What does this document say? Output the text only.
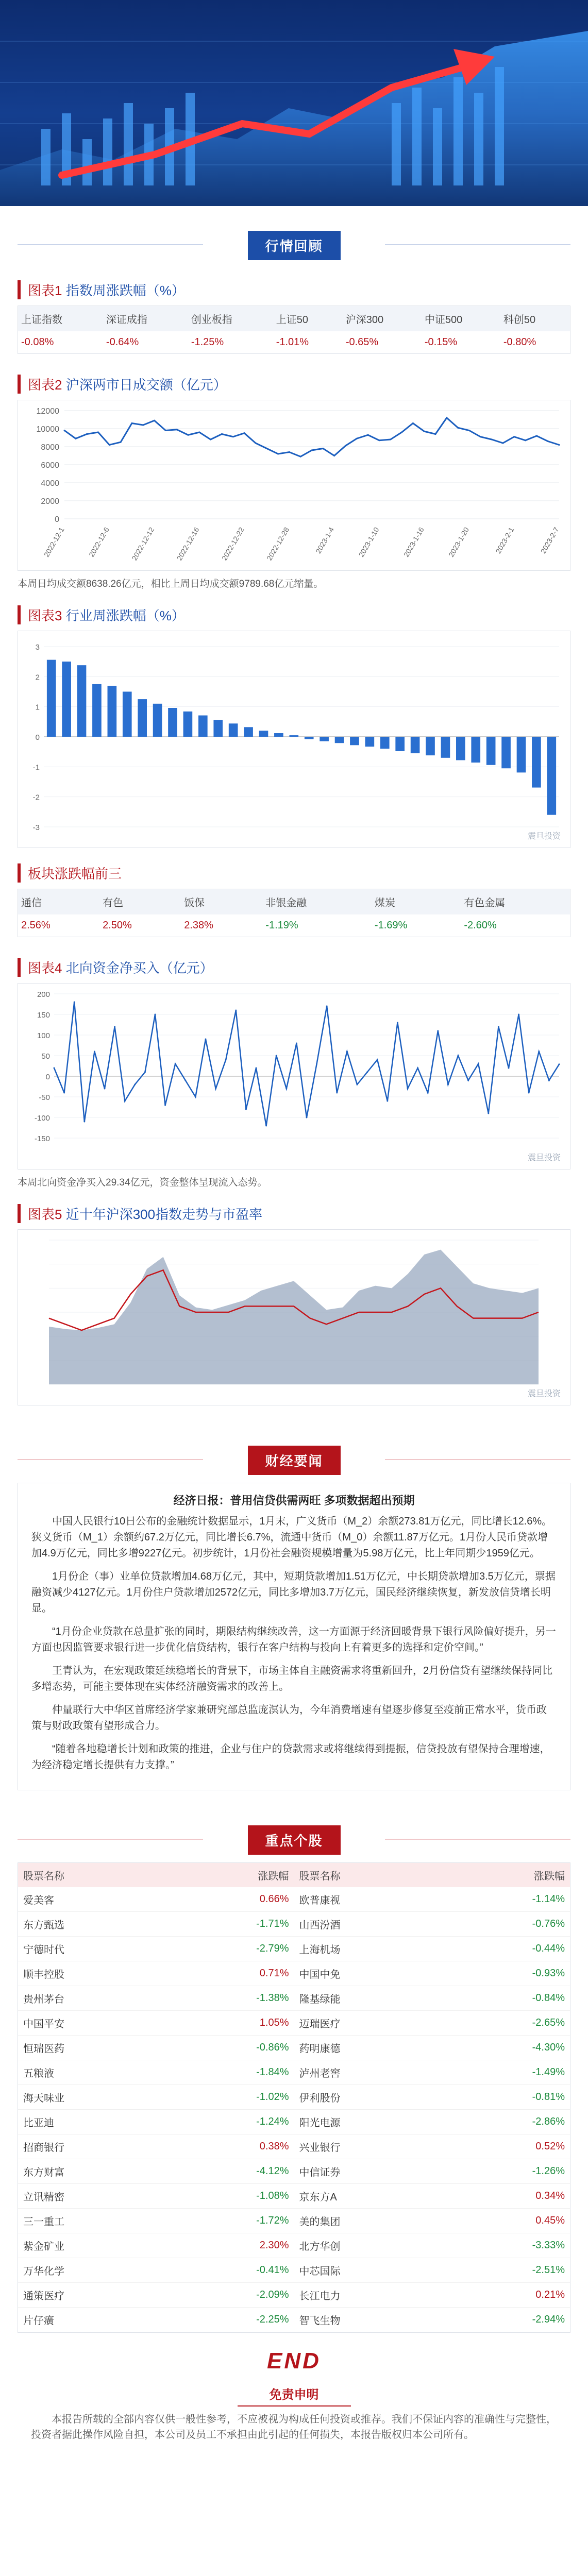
行情回顾
图表1 指数周涨跌幅（%）
上证指数	深证成指	创业板指	上证50	沪深300	中证500	科创50
-0.08%	-0.64%	-1.25%	-1.01%	-0.65%	-0.15%	-0.80%
图表2 沪深两市日成交额（亿元）
0
2000
4000
6000
8000
10000
12000
2022-12-1	2022-12-6	2022-12-12	2022-12-16	2022-12-22	2022-12-28	2023-1-4	2023-1-10	2023-1-16	2023-1-20	2023-2-1	2023-2-7
本周日均成交额8638.26亿元，相比上周日均成交额9789.68亿元缩量。
图表3 行业周涨跌幅（%）
-3
-2
-1
0
1
2
3
震旦投资
板块涨跌幅前三
通信	有色	饭保	非银金融	煤炭	有色金属
2.56%	2.50%	2.38%	-1.19%	-1.69%	-2.60%
图表4 北向资金净买入（亿元）
-150
-100
-50
0
50
100
150
200
震旦投资
本周北向资金净买入29.34亿元，资金整体呈现流入态势。
图表5 近十年沪深300指数走势与市盈率
震旦投资
财经要闻
经济日报：普用信贷供需两旺 多项数据超出预期

中国人民银行10日公布的金融统计数据显示，1月末，广义货币（M_2）余额273.81万亿元，同比增长12.6%。狭义货币（M_1）余额约67.2万亿元，同比增长6.7%，流通中货币（M_0）余额11.87万亿元。1月份人民币贷款增加4.9万亿元，同比多增9227亿元。初步统计，1月份社会融资规模增量为5.98万亿元，比上年同期少1959亿元。

1月份企（事）业单位贷款增加4.68万亿元，其中，短期贷款增加1.51万亿元，中长期贷款增加3.5万亿元，票据融资减少4127亿元。1月份住户贷款增加2572亿元，同比多增加3.7万亿元，国民经济继续恢复，新发放信贷增长明显。

“1月份企业贷款在总量扩张的同时，期限结构继续改善，这一方面源于经济回暖背景下银行风险偏好提升，另一方面也因监管要求银行进一步优化信贷结构，银行在客户结构与投向上有着更多的选择和定价空间。”

王青认为，在宏观政策延续稳增长的背景下，市场主体自主融资需求将重新回升，2月份信贷有望继续保持同比多增态势，可能主要体现在实体经济融资需求的改善上。

仲量联行大中华区首席经济学家兼研究部总监庞溟认为，今年消费增速有望逐步修复至疫前正常水平，货币政策与财政政策有望形成合力。

“随着各地稳增长计划和政策的推进，企业与住户的贷款需求或将继续得到提振，信贷投放有望保持合理增速，为经济稳定增长提供有力支撑。”

重点个股
股票名称	涨跌幅	股票名称	涨跌幅
爱美客	0.66%	欧普康视	-1.14%
东方甄选	-1.71%	山西汾酒	-0.76%
宁德时代	-2.79%	上海机场	-0.44%
顺丰控股	0.71%	中国中免	-0.93%
贵州茅台	-1.38%	隆基绿能	-0.84%
中国平安	1.05%	迈瑞医疗	-2.65%
恒瑞医药	-0.86%	药明康德	-4.30%
五粮液	-1.84%	泸州老窖	-1.49%
海天味业	-1.02%	伊利股份	-0.81%
比亚迪	-1.24%	阳光电源	-2.86%
招商银行	0.38%	兴业银行	0.52%
东方财富	-4.12%	中信证券	-1.26%
立讯精密	-1.08%	京东方A	0.34%
三一重工	-1.72%	美的集团	0.45%
紫金矿业	2.30%	北方华创	-3.33%
万华化学	-0.41%	中芯国际	-2.51%
通策医疗	-2.09%	长江电力	0.21%
片仔癀	-2.25%	智飞生物	-2.94%
END
免责申明
本报告所载的全部内容仅供一般性参考，不应被视为构成任何投资或推荐。我们不保证内容的准确性与完整性，投资者据此操作风险自担，本公司及员工不承担由此引起的任何损失，本报告版权归本公司所有。
